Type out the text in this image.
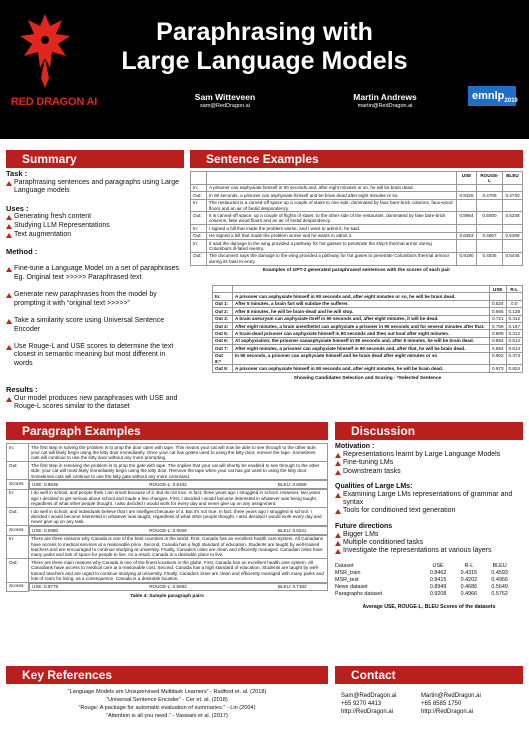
RED DRAGON AI
Paraphrasing with
Large Language Models
Sam Witteveen
sam@RedDragon.ai
Martin Andrews
martin@RedDragon.ai
emnlp$_{2019}$
Summary
Task :
Paraphrasing sentences and paragraphs using Large Language models
Uses :
Generating fresh content
Studying LLM Representations
Text augmentation
Method :

Fine-tune a Language Model on a set of paraphrases
Eg. Original text >>>>> Paraphrased text

Generate new paraphrases from the model by prompting it with “original text >>>>>”

Take a similarity score using Universal Sentence Encoder

Use Rouge-L and USE scores to determine the text closest in semantic meaning but most different in words

Results :
Our model produces new paraphrases with USE and Rouge-L scores similar to the dataset
Sentence Examples
		USE	ROUGE- L	BLEU
In:	A prisoner can asphyxiate himself in 90 seconds and, after eight minutes or so, he will be brain dead.			
Out:	In 90 seconds, a prisoner can asphyxiate himself and be brain dead after eight minutes or so.	0.9326	0.4706	0.4730
In:	The restaurant is a carved-off space up a couple of stairs to one side, dominated by faux bare-brick columns, faux-wood floors and an air of foetid despondency.			
Out:	It is carved-off space, up a couple of flights of stairs, to the other side of the restaurant, dominated by fake bare-brick columns, fake wood floors and an air of foetid despondency.	0.8954	0.5000	0.5348
In:	I signed a bill that made the problem worse, and I want to admit it, he said.			
Out:	He signed a bill that made the problem worse and he wants to admit it.	0.8363	0.4667	0.5299
In:	It said the damage to the wing provided a pathway for hot gasses to penetrate the ship's thermal armor during Columbia's ill-fated reentry.			
Out:	The document says the damage to the wing provided a pathway for hot gases to penetrate Columbia's thermal armour during its fatal re-entry.	0.9190	0.4545	0.5445
Examples of GPT-2 generated paraphrased sentences with the scores of each pair
		USE	R-L
In:	A prisoner can asphyxiate himself in 90 seconds and, after eight minutes or so, he will be brain dead.		
Out 1:	After 5 minutes, a brain fart will subdue the sufferer.	0.524	0.0
Out 2:	After 8 minutes, he will be brain-dead and he will stop.	0.565	0.138
Out 3:	A brain aneurysm can asphyxiate itself in 90 seconds and, after eight minutes, it will be dead.	0.721	0.412
Out 4:	After eight minutes, a brain anesthetist can asphyxiate a prisoner in 90 seconds and for several minutes after that.	0.758	0.167
Out 5:	A brain-dead prisoner can asphyxiate himself in 90 seconds and then out loud after eight minutes.	0.809	0.312
Out 6:	At asphyxiation, the prisoner canasphyxiate himself in 90 seconds and, after 8 minutes, he will be brain dead.	0.884	0.514
Out 7:	After eight minutes, a prisoner can asphyxiate himself in 90 seconds and, after that, he will be brain dead.	0.884	0.514
Out 8:*	In 90 seconds, a prisoner can asphyxiate himself and be brain dead after eight minutes or so	0.902	0.473
Out 9:	A prisoner can asphyxiate himself in 90 seconds and, after eight minutes, he will be brain dead.	0.973	0.824
Showing Candidates Selection and Scoring - *Selected Sentence
Paragraph Examples
In:	The first step in solving the problem is to prop the door open with tape. This means your cat will now be able to see through to the other side; your cat will likely begin using the kitty door immediately. Once your cat has gotten used to using the kitty door, remove the tape. Sometimes cats will continue to use the kitty door without any more prompting.
Out:	The first step in resolving the problem is to prop the gate with tape. The implies that your cat will shortly be enabled to see through to the other side; your cat will most likely immediately begin using the kitty door. Remove the tape when your cat has got used to using the kitty door. Sometimes cats will continue to use the kitty gate without any more command.
Scores:	USE: 0.8635	ROUGE-L: 0.6102	BLEU: 0.6058

In:	I do well in school, and people think I am smart because of it. But its not true. In fact, three years ago I struggled in school. However, two years ago I decided to get serious about school and made a few changes. First, I decided I would become interested in whatever was being taught, regardless of what other people thought. I also decided I would work for every day and never give up on any assignment.
Out:	I do well in school, and individuals believe that I am intelligent because of it. But it's not true. In fact, three years ago I struggled in school. I decided I would become interested in whatever was taught, regardless of what other people thought. I also decided I would work every day and never give up on any task.
Scores:	USE: 0.9380	ROUGE-L: 0.6929	BLEU: 0.6221

In:	There are three reasons why Canada is one of the best countries in the world. First, Canada has an excellent health care system. All Canadians have access to medical services at a reasonable price. Second, Canada has a high standard of education. Students are taught by well-trained teachers and are encouraged to continue studying at university. Finally, Canada's cities are clean and efficiently managed. Canadian cities have many parks and lots of space for people to live. As a result, Canada is a desirable place to live.
Out:	There are three main reasons why Canada is one of the finest locations in the globe. First, Canada has an excellent health care system. All Canadians have access to medical care at a reasonable cost. Second, Canada has a high standard of education. Students are taught by well-trained teachers and are urged to continue studying at university. Finally, Canada's cities are clean and efficiently managed with many parks and lots of room for living, as a consequence, Canada is a desirable location.
Scores:	USE: 0.9775	ROUGE-L: 0.6832	BLEU: 0.7182
Table 4: Sample paragraph pairs
Discussion
Motivation :
Representations learnt by Large Language Models
Fine-tuning LMs
Downstream tasks
Qualities of Large LMs:
Examining Large LMs representations of grammar and syntax
Tools for conditioned text generation
Future directions
Bigger LMs
Multiple conditioned tasks
Investigate the representations at various layers
Dataset	USE	R-L	BLEU
MSR_train	0.8462	0.4315	0.4593
MSR_test	0.8415	0.4202	0.4966
News dataset	0.8949	0.4686	0.5649
Paragraphs dataset	0.9208	0.4966	0.5762
Average USE, ROUGE-L, BLEU Scores of the datasets
Key References
“Language Models are Unsupervised Multitask Learners” - Radford et. al. (2018)
“Universal Sentence Encoder” - Cer et. al. (2018)
“Rouge: A package for automatic evaluation of summaries.” - Lin (2004)
“Attention is all you need.” - Vaswani et al. (2017)
Contact
Sam@RedDragon.ai
+65 9270 4413
http://RedDragon.ai
Martin@RedDragon.ai
+65 8585 1750
http://RedDragon.ai
